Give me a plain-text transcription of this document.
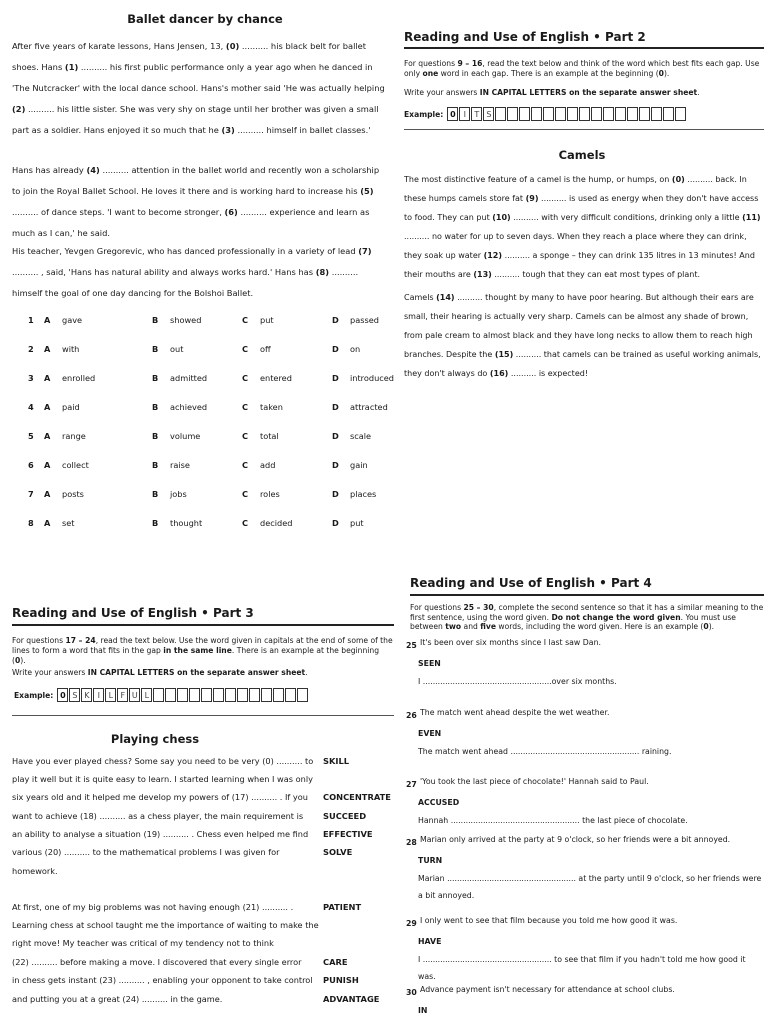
Ballet dancer by chance
After five years of karate lessons, Hans Jensen, 13, (0) .......... his black belt for ballet shoes. Hans (1) .......... his first public performance only a year ago when he danced in 'The Nutcracker' with the local dance school. Hans's mother said 'He was actually helping (2) .......... his little sister. She was very shy on stage until her brother was given a small part as a soldier. Hans enjoyed it so much that he (3) .......... himself in ballet classes.'
Hans has already (4) .......... attention in the ballet world and recently won a scholarship to join the Royal Ballet School. He loves it there and is working hard to increase his (5) .......... of dance steps. 'I want to become stronger, (6) .......... experience and learn as much as I can,' he said.
His teacher, Yevgen Gregorevic, who has danced professionally in a variety of lead (7) .......... , said, 'Hans has natural ability and always works hard.' Hans has (8) .......... himself the goal of one day dancing for the Bolshoi Ballet.
1 A gave	B showed	C put	D passed
2 A with	B out	C off	D on
3 A enrolled	B admitted	C entered	D introduced
4 A paid	B achieved	C taken	D attracted
5 A range	B volume	C total	D scale
6 A collect	B raise	C add	D gain
7 A posts	B jobs	C roles	D places
8 A set	B thought	C decided	D put
Reading and Use of English • Part 2
For questions 9 – 16, read the text below and think of the word which best fits each gap. Use only one word in each gap. There is an example at the beginning (0).
Write your answers IN CAPITAL LETTERS on the separate answer sheet.
Example: 0	I	T S
Camels
The most distinctive feature of a camel is the hump, or humps, on (0) .......... back. In these humps camels store fat (9) .......... is used as energy when they don't have access to food. They can put (10) .......... with very difficult conditions, drinking only a little (11) .......... no water for up to seven days. When they reach a place where they can drink, they soak up water (12) .......... a sponge – they can drink 135 litres in 13 minutes! And their mouths are (13) .......... tough that they can eat most types of plant.
Camels (14) .......... thought by many to have poor hearing. But although their ears are small, their hearing is actually very sharp. Camels can be almost any shade of brown, from pale cream to almost black and they have long necks to allow them to reach high branches. Despite the (15) .......... that camels can be trained as useful working animals, they don't always do (16) .......... is expected!
Reading and Use of English • Part 3
For questions 17 – 24, read the text below. Use the word given in capitals at the end of some of the lines to form a word that fits in the gap in the same line. There is an example at the beginning (0).
Write your answers IN CAPITAL LETTERS on the separate answer sheet.
Example: 0 S K	I	L F U L
Playing chess
Have you ever played chess? Some say you need to be very (0) .......... to SKILL
play it well but it is quite easy to learn. I started learning when I was only
six years old and it helped me develop my powers of (17) .......... . If you CONCENTRATE
want to achieve (18) .......... as a chess player, the main requirement is SUCCEED
an ability to analyse a situation (19) .......... . Chess even helped me find EFFECTIVE
various (20) .......... to the mathematical problems I was given for	SOLVE
homework.
At first, one of my big problems was not having enough (21) .......... .	PATIENT
Learning chess at school taught me the importance of waiting to make the
right move! My teacher was critical of my tendency not to think
(22) .......... before making a move. I discovered that every single error	CARE
in chess gets instant (23) .......... , enabling your opponent to take control PUNISH
and putting you at a great (24) .......... in the game.	ADVANTAGE
Reading and Use of English • Part 4
For questions 25 – 30, complete the second sentence so that it has a similar meaning to the first sentence, using the word given. Do not change the word given. You must use between two and five words, including the word given. Here is an example (0).
25 It's been over six months since I last saw Dan.
SEEN
I ....................................................over six months.
26 The match went ahead despite the wet weather.
EVEN
The match went ahead .................................................... raining.
27 'You took the last piece of chocolate!' Hannah said to Paul.
ACCUSED
Hannah .................................................... the last piece of chocolate.
28 Marian only arrived at the party at 9 o'clock, so her friends were a bit annoyed.
TURN
Marian .................................................... at the party until 9 o'clock, so her friends were a bit annoyed.
29 I only went to see that film because you told me how good it was.
HAVE
I .................................................... to see that film if you hadn't told me how good it was.
30 Advance payment isn't necessary for attendance at school clubs.
IN
